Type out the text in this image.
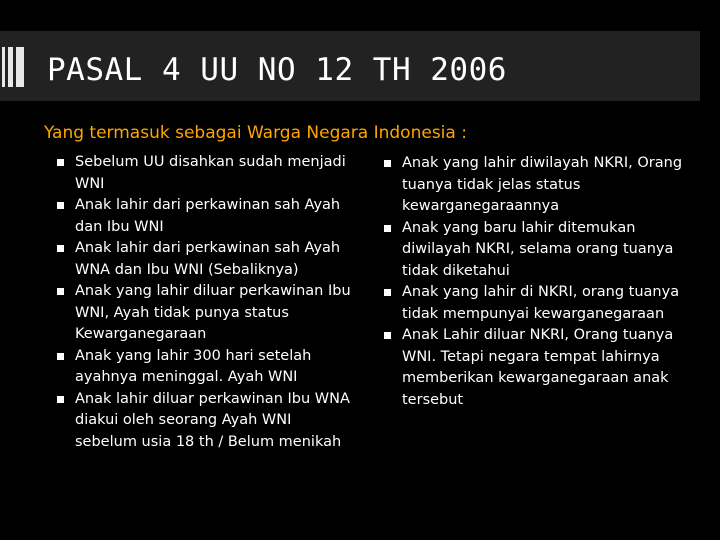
PASAL 4 UU NO 12 TH 2006
Yang termasuk sebagai Warga Negara Indonesia :
Sebelum UU disahkan sudah menjadi WNI
Anak lahir dari perkawinan sah Ayah dan Ibu WNI
Anak lahir dari perkawinan sah Ayah WNA dan Ibu WNI (Sebaliknya)
Anak yang lahir diluar perkawinan Ibu WNI, Ayah tidak punya status Kewarganegaraan
Anak yang lahir 300 hari setelah ayahnya meninggal. Ayah WNI
Anak lahir diluar perkawinan Ibu WNA diakui oleh seorang Ayah WNI sebelum usia 18 th / Belum menikah
Anak yang lahir diwilayah NKRI, Orang tuanya tidak jelas status kewarganegaraannya
Anak yang baru lahir ditemukan diwilayah NKRI, selama orang tuanya tidak diketahui
Anak yang lahir di NKRI, orang tuanya tidak mempunyai kewarganegaraan
Anak Lahir diluar NKRI, Orang tuanya WNI. Tetapi negara tempat lahirnya memberikan kewarganegaraan anak tersebut
